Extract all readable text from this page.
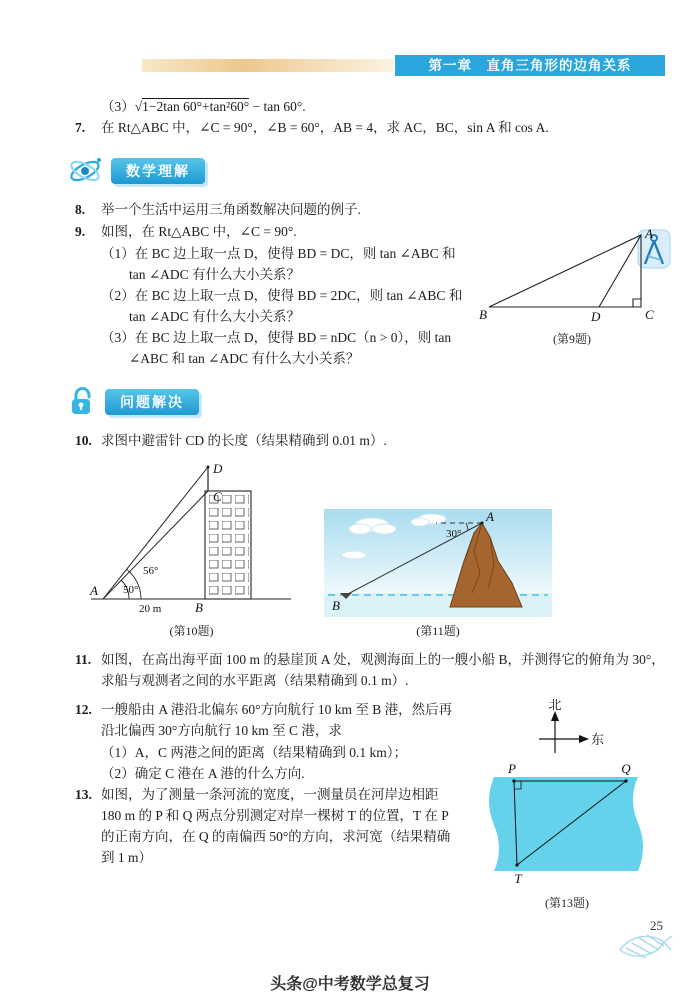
第一章　直角三角形的边角关系
（3）√1−2tan 60°+tan²60° − tan 60°.
7. 在 Rt△ABC 中，∠C = 90°，∠B = 60°，AB = 4，求 AC，BC，sin A 和 cos A.
数学理解
8. 举一个生活中运用三角函数解决问题的例子.
A
B	C
D
(第9题)
9. 如图，在 Rt△ABC 中，∠C = 90°.
（1）在 BC 边上取一点 D，使得 BD = DC，则 tan ∠ABC 和 tan ∠ADC 有什么大小关系？
（2）在 BC 边上取一点 D，使得 BD = 2DC，则 tan ∠ABC 和 tan ∠ADC 有什么大小关系？
（3）在 BC 边上取一点 D，使得 BD = nDC（n > 0），则 tan ∠ABC 和 tan ∠ADC 有什么大小关系？
问题解决
10. 求图中避雷针 CD 的长度（结果精确到 0.01 m）.
50°
56°
20 m
A
B
C
D
(第10题)
A
30°
B
(第11题)
11. 如图，在高出海平面 100 m 的悬崖顶 A 处，观测海面上的一艘小船 B，并测得它的俯角为 30°，求船与观测者之间的水平距离（结果精确到 0.1 m）.
北
东

P	Q
T
(第13题)
12. 一艘船由 A 港沿北偏东 60°方向航行 10 km 至 B 港，然后再沿北偏西 30°方向航行 10 km 至 C 港，求
（1）A，C 两港之间的距离（结果精确到 0.1 km）；
（2）确定 C 港在 A 港的什么方向.
13. 如图，为了测量一条河流的宽度，一测量员在河岸边相距 180 m 的 P 和 Q 两点分别测定对岸一棵树 T 的位置，T 在 P 的正南方向，在 Q 的南偏西 50°的方向，求河宽（结果精确到 1 m）
25
头条@中考数学总复习
